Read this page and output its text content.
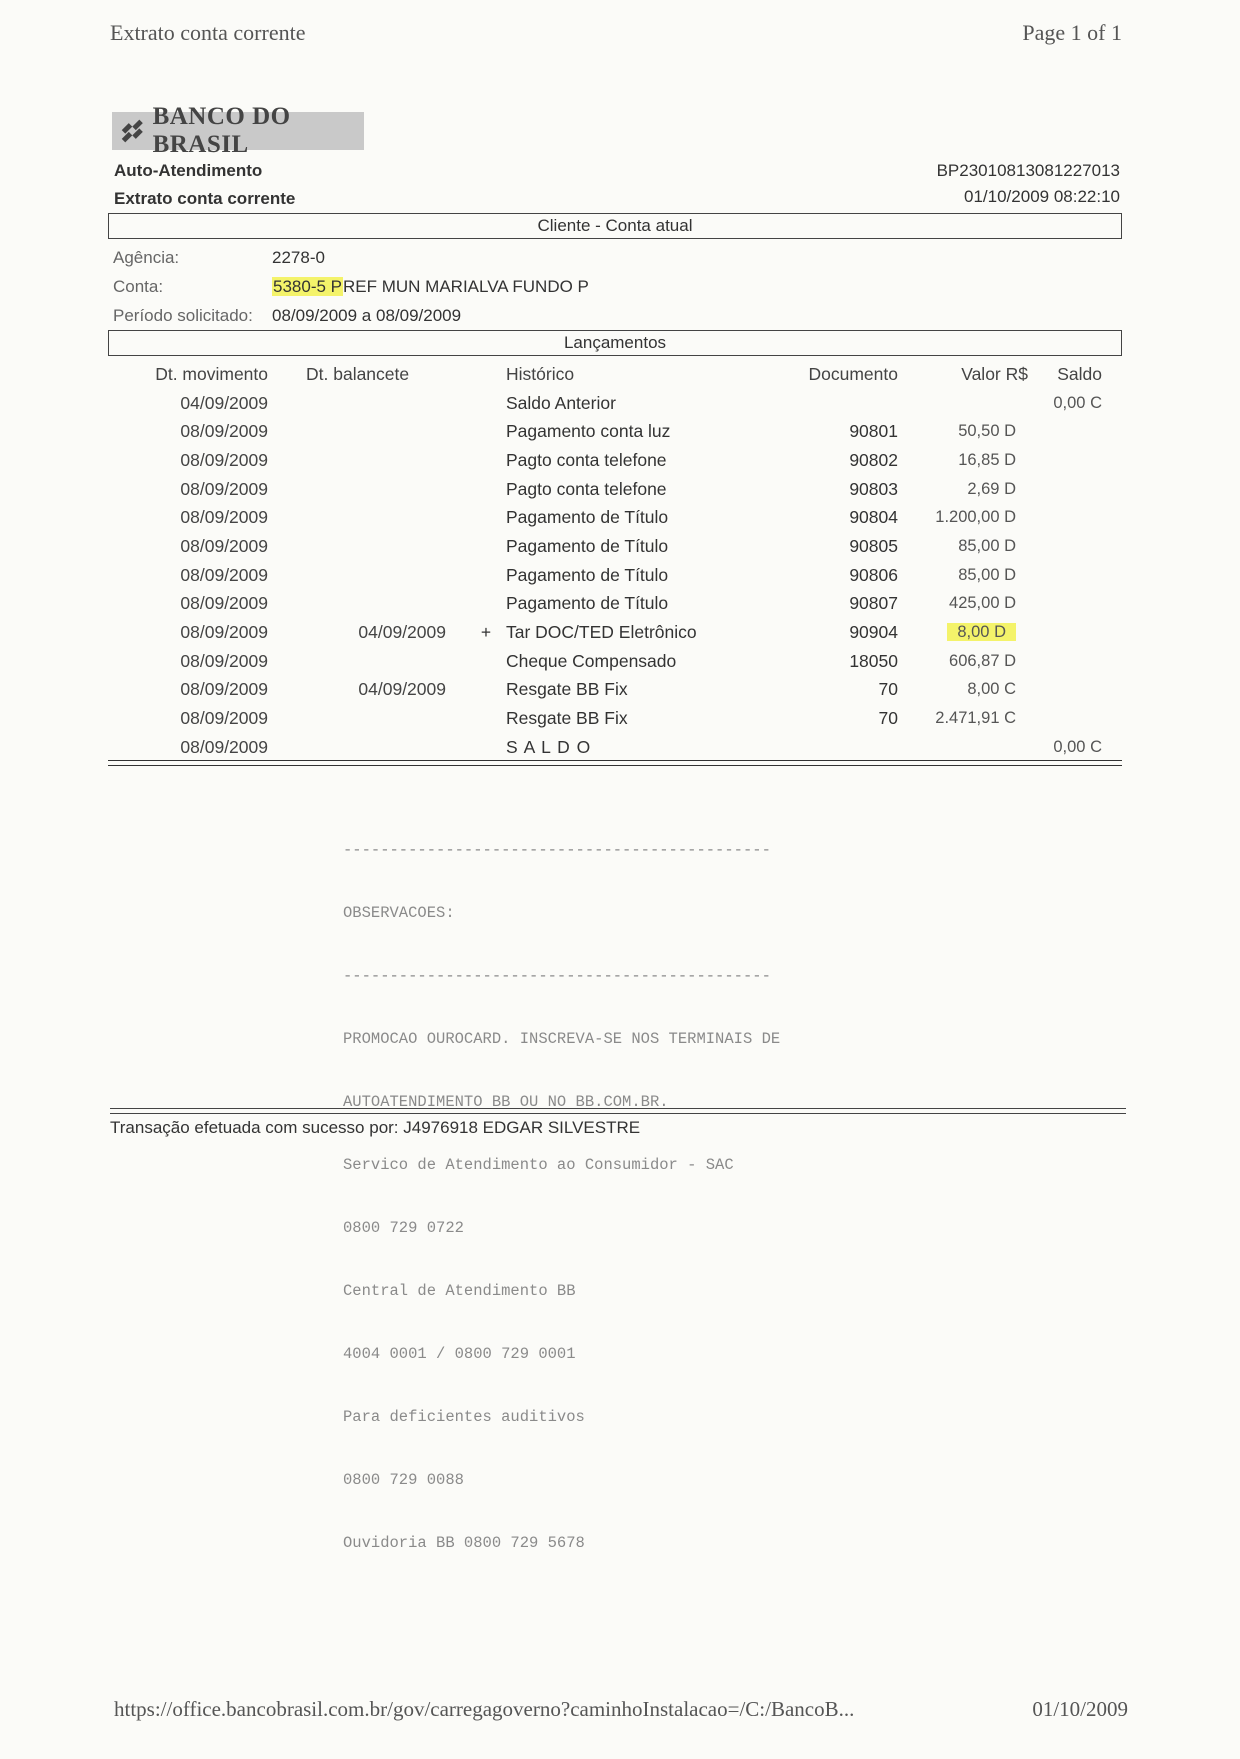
Extrato conta corrente	Page 1 of 1
BANCO DO BRASIL
Auto-Atendimento
Extrato conta corrente
BP23010813081227013
01/10/2009 08:22:10
Cliente - Conta atual
Agência:	2278-0
Conta:	5380-5 PREF MUN MARIALVA FUNDO P
Período solicitado: 08/09/2009 a 08/09/2009
Lançamentos
Dt. movimento	Dt. balancete		Histórico	Documento	Valor R$	Saldo
04/09/2009			Saldo Anterior			0,00 C
08/09/2009			Pagamento conta luz	90801	50,50 D	
08/09/2009			Pagto conta telefone	90802	16,85 D	
08/09/2009			Pagto conta telefone	90803	2,69 D	
08/09/2009			Pagamento de Título	90804	1.200,00 D	
08/09/2009			Pagamento de Título	90805	85,00 D	
08/09/2009			Pagamento de Título	90806	85,00 D	
08/09/2009			Pagamento de Título	90807	425,00 D	
08/09/2009	04/09/2009	+	Tar DOC/TED Eletrônico	90904	8,00 D	
08/09/2009			Cheque Compensado	18050	606,87 D	
08/09/2009	04/09/2009		Resgate BB Fix	70	8,00 C	
08/09/2009			Resgate BB Fix	70	2.471,91 C	
08/09/2009			S A L D O			0,00 C

----------------------------------------------

OBSERVACOES:

----------------------------------------------

PROMOCAO OUROCARD. INSCREVA-SE NOS TERMINAIS DE

AUTOATENDIMENTO BB OU NO BB.COM.BR.

Servico de Atendimento ao Consumidor - SAC

0800 729 0722

Central de Atendimento BB

4004 0001 / 0800 729 0001

Para deficientes auditivos

0800 729 0088

Ouvidoria BB 0800 729 5678

Transação efetuada com sucesso por: J4976918 EDGAR SILVESTRE
https://office.bancobrasil.com.br/gov/carregagoverno?caminhoInstalacao=/C:/BancoB...	01/10/2009
